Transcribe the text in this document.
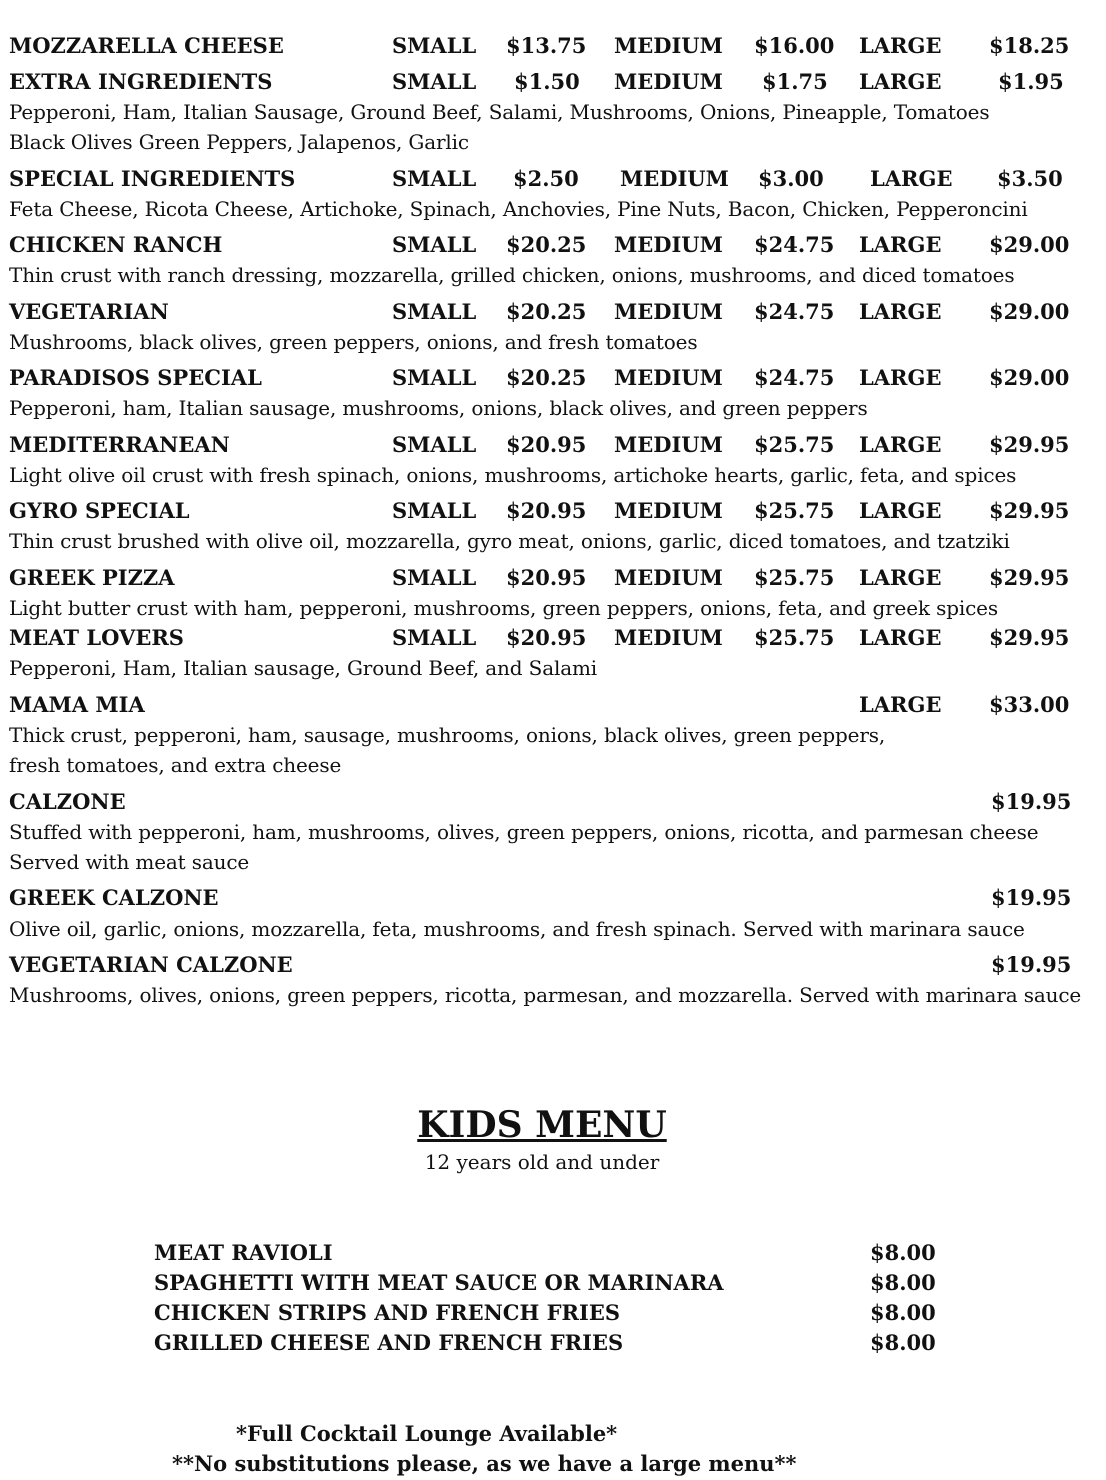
MOZZARELLA CHEESE	SMALL $13.75 MEDIUM $16.00 LARGE $18.25
EXTRA INGREDIENTS	SMALL $1.50 MEDIUM $1.75 LARGE	$1.95
Pepperoni, Ham, Italian Sausage, Ground Beef, Salami, Mushrooms, Onions, Pineapple, Tomatoes
Black Olives Green Peppers, Jalapenos, Garlic
SPECIAL INGREDIENTS	SMALL $2.50 MEDIUM $3.00 LARGE $3.50
Feta Cheese, Ricota Cheese, Artichoke, Spinach, Anchovies, Pine Nuts, Bacon, Chicken, Pepperoncini
CHICKEN RANCH	SMALL $20.25 MEDIUM $24.75 LARGE $29.00
Thin crust with ranch dressing, mozzarella, grilled chicken, onions, mushrooms, and diced tomatoes
VEGETARIAN	SMALL $20.25 MEDIUM $24.75 LARGE $29.00
Mushrooms, black olives, green peppers, onions, and fresh tomatoes
PARADISOS SPECIAL	SMALL $20.25 MEDIUM $24.75 LARGE $29.00
Pepperoni, ham, Italian sausage, mushrooms, onions, black olives, and green peppers
MEDITERRANEAN	SMALL $20.95 MEDIUM $25.75 LARGE $29.95
Light olive oil crust with fresh spinach, onions, mushrooms, artichoke hearts, garlic, feta, and spices
GYRO SPECIAL	SMALL $20.95 MEDIUM $25.75 LARGE $29.95
Thin crust brushed with olive oil, mozzarella, gyro meat, onions, garlic, diced tomatoes, and tzatziki
GREEK PIZZA	SMALL $20.95 MEDIUM $25.75 LARGE $29.95
Light butter crust with ham, pepperoni, mushrooms, green peppers, onions, feta, and greek spices
MEAT LOVERS	SMALL $20.95 MEDIUM $25.75 LARGE $29.95
Pepperoni, Ham, Italian sausage, Ground Beef, and Salami
MAMA MIA	LARGE $33.00
Thick crust, pepperoni, ham, sausage, mushrooms, onions, black olives, green peppers,
fresh tomatoes, and extra cheese
CALZONE	$19.95
Stuffed with pepperoni, ham, mushrooms, olives, green peppers, onions, ricotta, and parmesan cheese
Served with meat sauce
GREEK CALZONE	$19.95
Olive oil, garlic, onions, mozzarella, feta, mushrooms, and fresh spinach. Served with marinara sauce
VEGETARIAN CALZONE	$19.95
Mushrooms, olives, onions, green peppers, ricotta, parmesan, and mozzarella. Served with marinara sauce
KIDS MENU
12 years old and under
MEAT RAVIOLI	$8.00
SPAGHETTI WITH MEAT SAUCE OR MARINARA	$8.00
CHICKEN STRIPS AND FRENCH FRIES	$8.00
GRILLED CHEESE AND FRENCH FRIES	$8.00
*Full Cocktail Lounge Available*
**No substitutions please, as we have a large menu**
